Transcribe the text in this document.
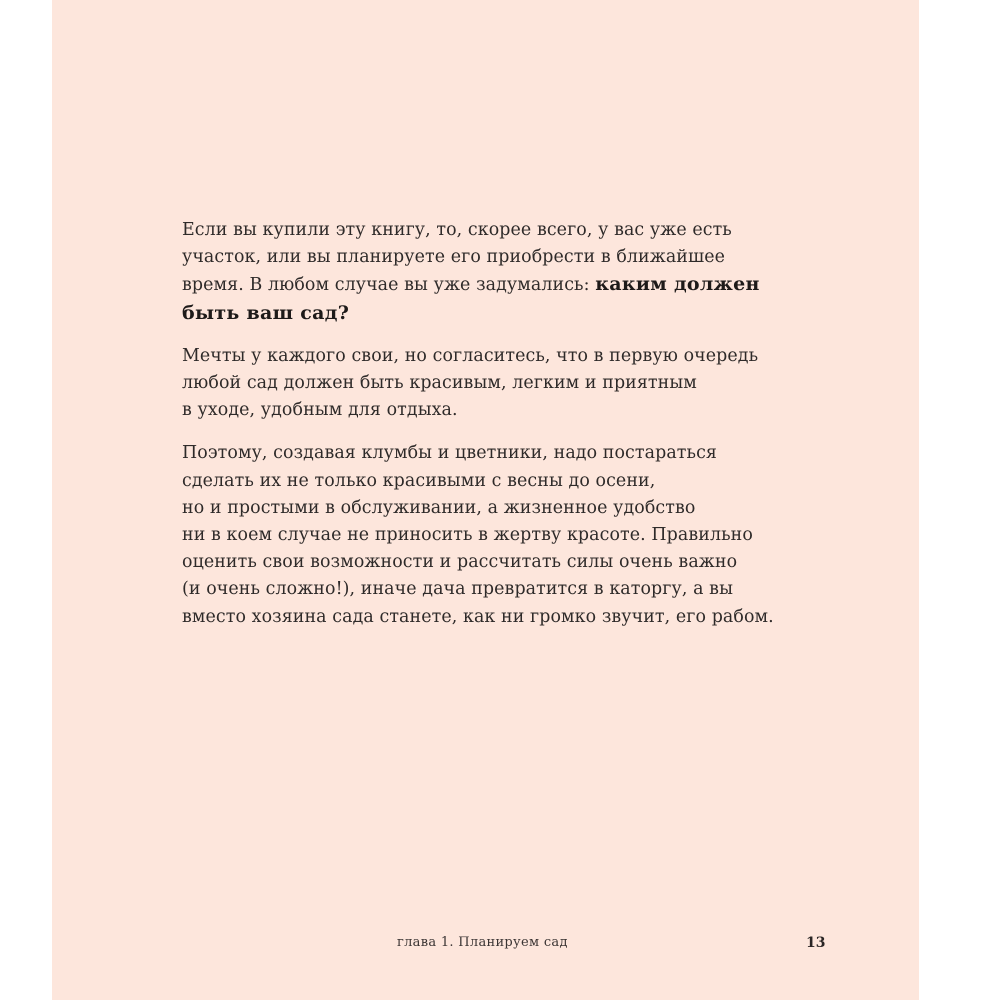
Если вы купили эту книгу, то, скорее всего, у вас уже есть
участок, или вы планируете его приобрести в ближайшее
время. В любом случае вы уже задумались: каким должен
быть ваш сад?

Мечты у каждого свои, но согласитесь, что в первую очередь
любой сад должен быть красивым, легким и приятным
в уходе, удобным для отдыха.

Поэтому, создавая клумбы и цветники, надо постараться
сделать их не только красивыми с весны до осени,
но и простыми в обслуживании, а жизненное удобство
ни в коем случае не приносить в жертву красоте. Правильно
оценить свои возможности и рассчитать силы очень важно
(и очень сложно!), иначе дача превратится в каторгу, а вы
вместо хозяина сада станете, как ни громко звучит, его рабом.

глава 1. Планируем сад	13
